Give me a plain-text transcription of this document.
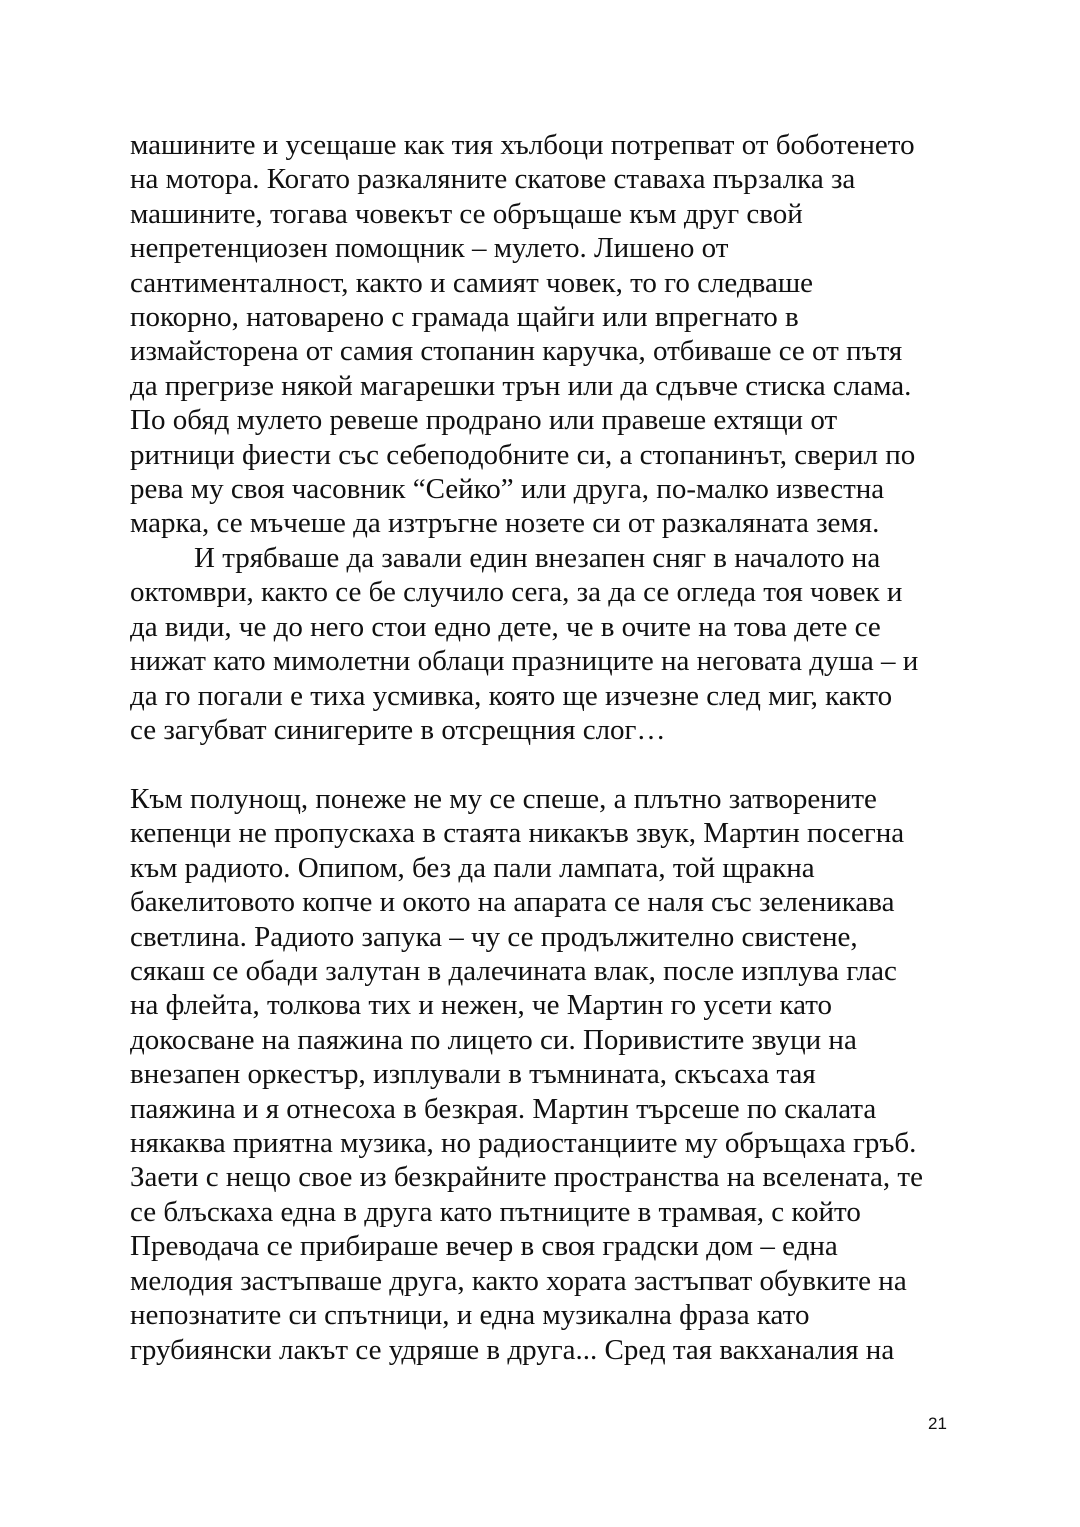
машините и усещаше как тия хълбоци потрепват от боботенето
на мотора. Когато разкаляните скатове ставаха пързалка за
машините, тогава човекът се обръщаше към друг свой
непретенциозен помощник – мулето. Лишено от
сантименталност, както и самият човек, то го следваше
покорно, натоварено с грамада щайги или впрегнато в
измайсторена от самия стопанин каручка, отбиваше се от пътя
да прегризе някой магарешки трън или да сдъвче стиска слама.
По обяд мулето ревеше продрано или правеше ехтящи от
ритници фиести със себеподобните си, а стопанинът, сверил по
рева му своя часовник “Сейко” или друга, по-малко известна
марка, се мъчеше да изтръгне нозете си от разкаляната земя.
И трябваше да завали един внезапен сняг в началото на
октомври, както се бе случило сега, за да се огледа тоя човек и
да види, че до него стои едно дете, че в очите на това дете се
нижат като мимолетни облаци празниците на неговата душа – и
да го погали е тиха усмивка, която ще изчезне след миг, както
се загубват синигерите в отсрещния слог…
Към полунощ, понеже не му се спеше, а плътно затворените
кепенци не пропускаха в стаята никакъв звук, Мартин посегна
към радиото. Опипом, без да пали лампата, той щракна
бакелитовото копче и окото на апарата се наля със зеленикава
светлина. Радиото запука – чу се продължително свистене,
сякаш се обади залутан в далечината влак, после изплува глас
на флейта, толкова тих и нежен, че Мартин го усети като
докосване на паяжина по лицето си. Поривистите звуци на
внезапен оркестър, изплували в тъмнината, скъсаха тая
паяжина и я отнесоха в безкрая. Мартин търсеше по скалата
някаква приятна музика, но радиостанциите му обръщаха гръб.
Заети с нещо свое из безкрайните пространства на вселената, те
се блъскаха една в друга като пътниците в трамвая, с който
Преводача се прибираше вечер в своя градски дом – една
мелодия застъпваше друга, както хората застъпват обувките на
непознатите си спътници, и една музикална фраза като
грубиянски лакът се удряше в друга... Сред тая вакханалия на
21
